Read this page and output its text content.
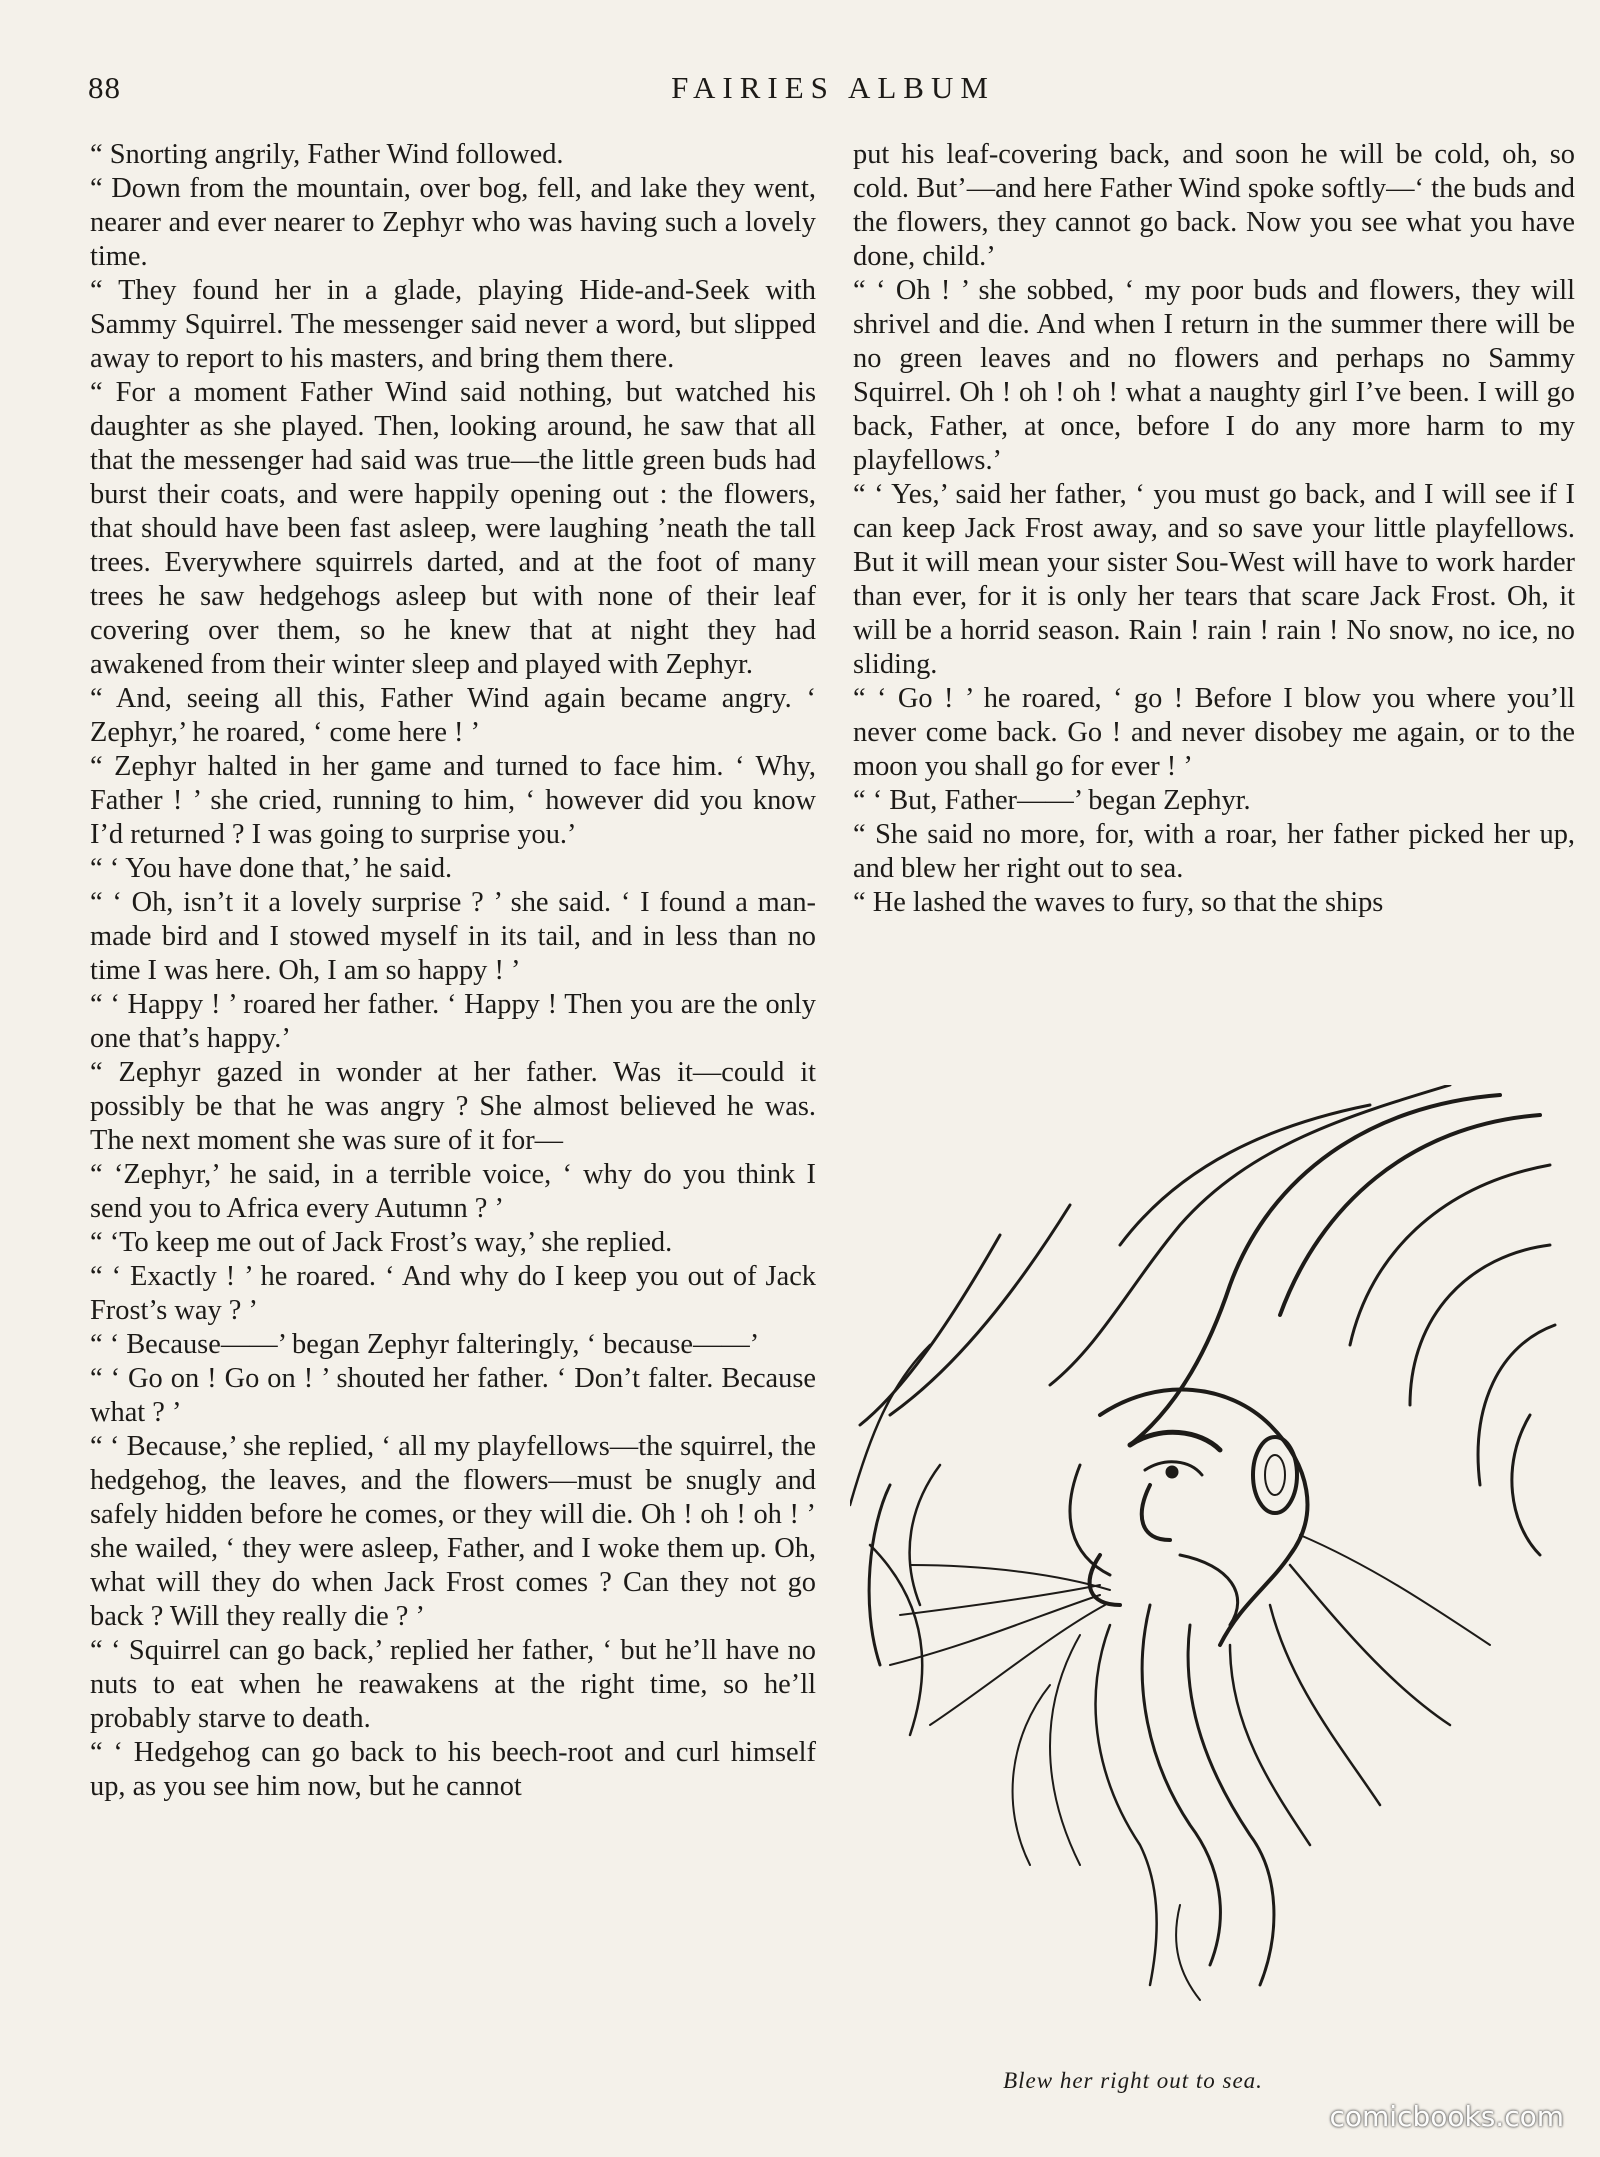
88	FAIRIES ALBUM

“ Snorting angrily, Father Wind followed.

“ Down from the mountain, over bog, fell, and lake they went, nearer and ever nearer to Zephyr who was having such a lovely time.

“ They found her in a glade, playing Hide-and-Seek with Sammy Squirrel. The messenger said never a word, but slipped away to report to his masters, and bring them there.

“ For a moment Father Wind said nothing, but watched his daughter as she played. Then, looking around, he saw that all that the messenger had said was true—the little green buds had burst their coats, and were happily opening out : the flowers, that should have been fast asleep, were laughing ’neath the tall trees. Everywhere squirrels darted, and at the foot of many trees he saw hedgehogs asleep but with none of their leaf covering over them, so he knew that at night they had awakened from their winter sleep and played with Zephyr.

“ And, seeing all this, Father Wind again became angry. ‘ Zephyr,’ he roared, ‘ come here ! ’

“ Zephyr halted in her game and turned to face him. ‘ Why, Father ! ’ she cried, running to him, ‘ however did you know I’d returned ? I was going to surprise you.’

“ ‘ You have done that,’ he said.

“ ‘ Oh, isn’t it a lovely surprise ? ’ she said. ‘ I found a man-made bird and I stowed myself in its tail, and in less than no time I was here. Oh, I am so happy ! ’

“ ‘ Happy ! ’ roared her father. ‘ Happy ! Then you are the only one that’s happy.’

“ Zephyr gazed in wonder at her father. Was it—could it possibly be that he was angry ? She almost believed he was. The next moment she was sure of it for—

“ ‘Zephyr,’ he said, in a terrible voice, ‘ why do you think I send you to Africa every Autumn ? ’

“ ‘To keep me out of Jack Frost’s way,’ she replied.

“ ‘ Exactly ! ’ he roared. ‘ And why do I keep you out of Jack Frost’s way ? ’

“ ‘ Because——’ began Zephyr falteringly, ‘ because——’

“ ‘ Go on ! Go on ! ’ shouted her father. ‘ Don’t falter. Because what ? ’

“ ‘ Because,’ she replied, ‘ all my playfellows—the squirrel, the hedgehog, the leaves, and the flowers—must be snugly and safely hidden before he comes, or they will die. Oh ! oh ! oh ! ’ she wailed, ‘ they were asleep, Father, and I woke them up. Oh, what will they do when Jack Frost comes ? Can they not go back ? Will they really die ? ’

“ ‘ Squirrel can go back,’ replied her father, ‘ but he’ll have no nuts to eat when he reawakens at the right time, so he’ll probably starve to death.

“ ‘ Hedgehog can go back to his beech-root and curl himself up, as you see him now, but he cannot

put his leaf-covering back, and soon he will be cold, oh, so cold. But’—and here Father Wind spoke softly—‘ the buds and the flowers, they cannot go back. Now you see what you have done, child.’

“ ‘ Oh ! ’ she sobbed, ‘ my poor buds and flowers, they will shrivel and die. And when I return in the summer there will be no green leaves and no flowers and perhaps no Sammy Squirrel. Oh ! oh ! oh ! what a naughty girl I’ve been. I will go back, Father, at once, before I do any more harm to my playfellows.’

“ ‘ Yes,’ said her father, ‘ you must go back, and I will see if I can keep Jack Frost away, and so save your little playfellows. But it will mean your sister Sou-West will have to work harder than ever, for it is only her tears that scare Jack Frost. Oh, it will be a horrid season. Rain ! rain ! rain ! No snow, no ice, no sliding.

“ ‘ Go ! ’ he roared, ‘ go ! Before I blow you where you’ll never come back. Go ! and never disobey me again, or to the moon you shall go for ever ! ’

“ ‘ But, Father——’ began Zephyr.

“ She said no more, for, with a roar, her father picked her up, and blew her right out to sea.

“ He lashed the waves to fury, so that the ships

Blew her right out to sea.
comicbooks.com
